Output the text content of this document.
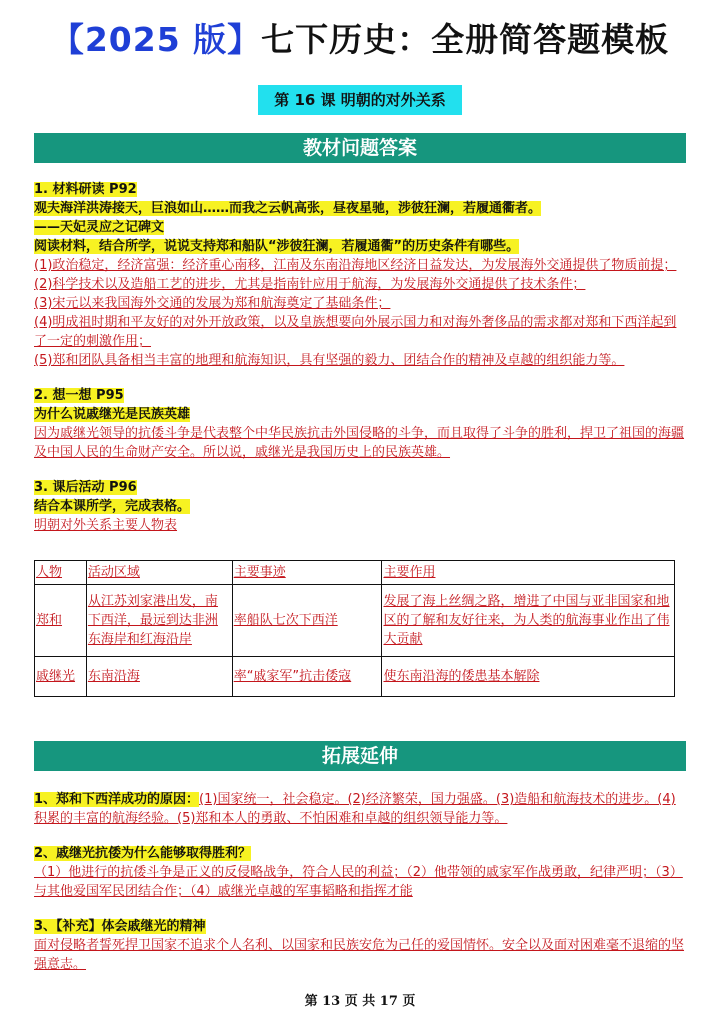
【2025 版】七下历史：全册简答题模板
第 16 课 明朝的对外关系
教材问题答案

1. 材料研读 P92

观夫海洋洪涛接天，巨浪如山……而我之云帆高张，昼夜星驰，涉彼狂澜，若履通衢者。

——天妃灵应之记碑文

阅读材料，结合所学，说说支持郑和船队“涉彼狂澜，若履通衢”的历史条件有哪些。

(1)政治稳定，经济富强：经济重心南移，江南及东南沿海地区经济日益发达，为发展海外交通提供了物质前提；

(2)科学技术以及造船工艺的进步，尤其是指南针应用于航海，为发展海外交通提供了技术条件；

(3)宋元以来我国海外交通的发展为郑和航海奠定了基础条件；

(4)明成祖时期和平友好的对外开放政策，以及皇族想要向外展示国力和对海外奢侈品的需求都对郑和下西洋起到了一定的刺激作用；

(5)郑和团队具备相当丰富的地理和航海知识，具有坚强的毅力、团结合作的精神及卓越的组织能力等。

2. 想一想 P95

为什么说戚继光是民族英雄

因为戚继光领导的抗倭斗争是代表整个中华民族抗击外国侵略的斗争，而且取得了斗争的胜利，捍卫了祖国的海疆及中国人民的生命财产安全。所以说，戚继光是我国历史上的民族英雄。

3. 课后活动 P96

结合本课所学，完成表格。

明朝对外关系主要人物表

人物	活动区域	主要事迹	主要作用
郑和	从江苏刘家港出发，南下西洋，最远到达非洲东海岸和红海沿岸	率船队七次下西洋	发展了海上丝绸之路，增进了中国与亚非国家和地区的了解和友好往来，为人类的航海事业作出了伟大贡献
戚继光	东南沿海	率“戚家军”抗击倭寇	使东南沿海的倭患基本解除
拓展延伸

1、郑和下西洋成功的原因：(1)国家统一，社会稳定。(2)经济繁荣，国力强盛。(3)造船和航海技术的进步。(4)积累的丰富的航海经验。(5)郑和本人的勇敢、不怕困难和卓越的组织领导能力等。

2、戚继光抗倭为什么能够取得胜利？

（1）他进行的抗倭斗争是正义的反侵略战争，符合人民的利益；（2）他带领的戚家军作战勇敢，纪律严明；（3）与其他爱国军民团结合作；（4）戚继光卓越的军事韬略和指挥才能

3、【补充】体会戚继光的精神

面对侵略者誓死捍卫国家不追求个人名利、以国家和民族安危为己任的爱国情怀。安全以及面对困难毫不退缩的坚强意志。

第 13 页 共 17 页
